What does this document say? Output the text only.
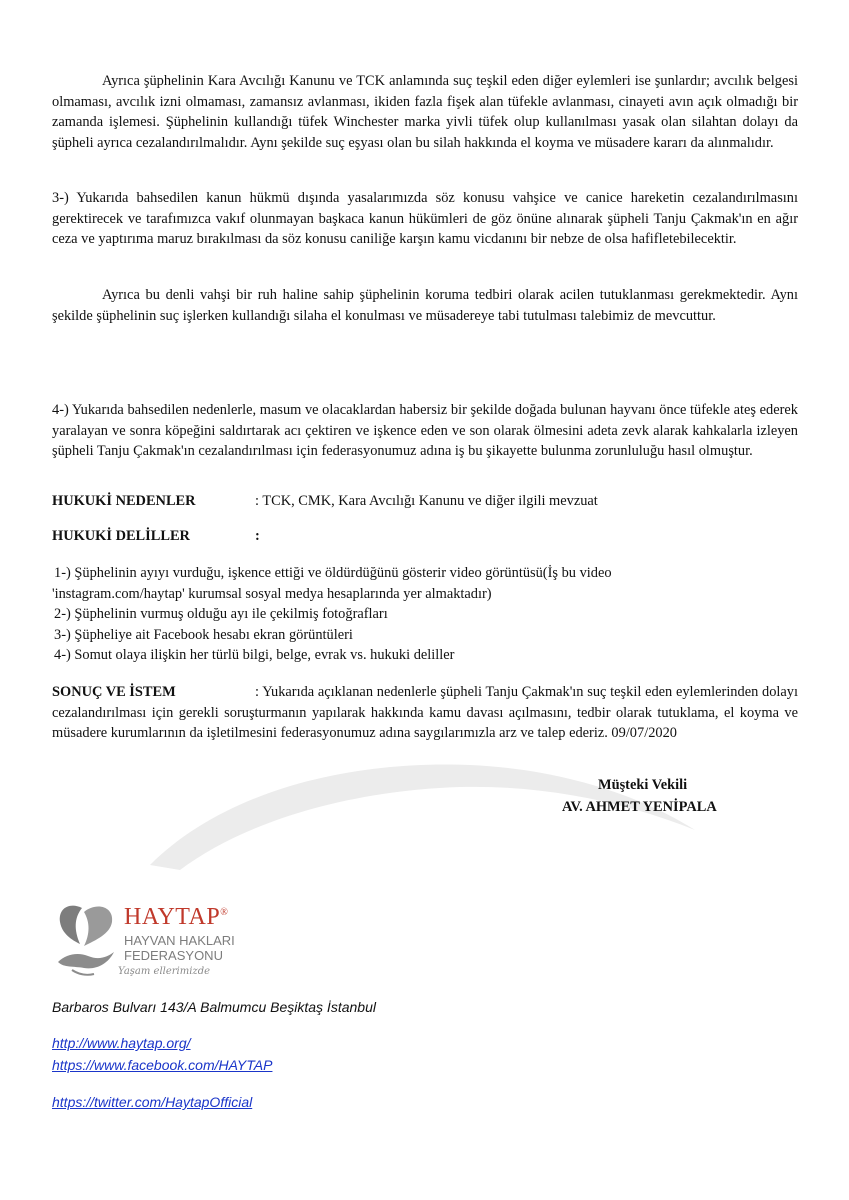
Ayrıca şüphelinin Kara Avcılığı Kanunu ve TCK anlamında suç teşkil eden diğer eylemleri ise şunlardır; avcılık belgesi olmaması, avcılık izni olmaması, zamansız avlanması, ikiden fazla fişek alan tüfekle avlanması, cinayeti avın açık olmadığı bir zamanda işlemesi. Şüphelinin kullandığı tüfek Winchester marka yivli tüfek olup kullanılması yasak olan silahtan dolayı da şüpheli ayrıca cezalandırılmalıdır. Aynı şekilde suç eşyası olan bu silah hakkında el koyma ve müsadere kararı da alınmalıdır.

3-) Yukarıda bahsedilen kanun hükmü dışında yasalarımızda söz konusu vahşice ve canice hareketin cezalandırılmasını gerektirecek ve tarafımızca vakıf olunmayan başkaca kanun hükümleri de göz önüne alınarak şüpheli Tanju Çakmak'ın en ağır ceza ve yaptırıma maruz bırakılması da söz konusu caniliğe karşın kamu vicdanını bir nebze de olsa hafifletebilecektir.

Ayrıca bu denli vahşi bir ruh haline sahip şüphelinin koruma tedbiri olarak acilen tutuklanması gerekmektedir. Aynı şekilde şüphelinin suç işlerken kullandığı silaha el konulması ve müsadereye tabi tutulması talebimiz de mevcuttur.

4-) Yukarıda bahsedilen nedenlerle, masum ve olacaklardan habersiz bir şekilde doğada bulunan hayvanı önce tüfekle ateş ederek yaralayan ve sonra köpeğini saldırtarak acı çektiren ve işkence eden ve son olarak ölmesini adeta zevk alarak kahkalarla izleyen şüpheli Tanju Çakmak'ın cezalandırılması için federasyonumuz adına iş bu şikayette bulunma zorunluluğu hasıl olmuştur.

HUKUKİ NEDENLER	: TCK, CMK, Kara Avcılığı Kanunu ve diğer ilgili mevzuat
HUKUKİ DELİLLER	:
1-) Şüphelinin ayıyı vurduğu, işkence ettiği ve öldürdüğünü gösterir video görüntüsü(İş bu video
'instagram.com/haytap' kurumsal sosyal medya hesaplarında yer almaktadır)
2-) Şüphelinin vurmuş olduğu ayı ile çekilmiş fotoğrafları
3-) Şüpheliye ait Facebook hesabı ekran görüntüleri
4-) Somut olaya ilişkin her türlü bilgi, belge, evrak vs. hukuki deliller
SONUÇ VE İSTEM	: Yukarıda açıklanan nedenlerle şüpheli Tanju Çakmak'ın suç teşkil eden eylemlerinden dolayı cezalandırılması için gerekli soruşturmanın yapılarak hakkında kamu davası açılmasını, tedbir olarak tutuklama, el koyma ve müsadere kurumlarının da işletilmesini federasyonumuz adına saygılarımızla arz ve talep ederiz. 09/07/2020
Müşteki Vekili
AV. AHMET YENİPALA
HAYTAP®
HAYVAN HAKLARI
FEDERASYONU
Yaşam ellerimizde
Barbaros Bulvarı 143/A Balmumcu Beşiktaş İstanbul
http://www.haytap.org/
https://www.facebook.com/HAYTAP
https://twitter.com/HaytapOfficial
